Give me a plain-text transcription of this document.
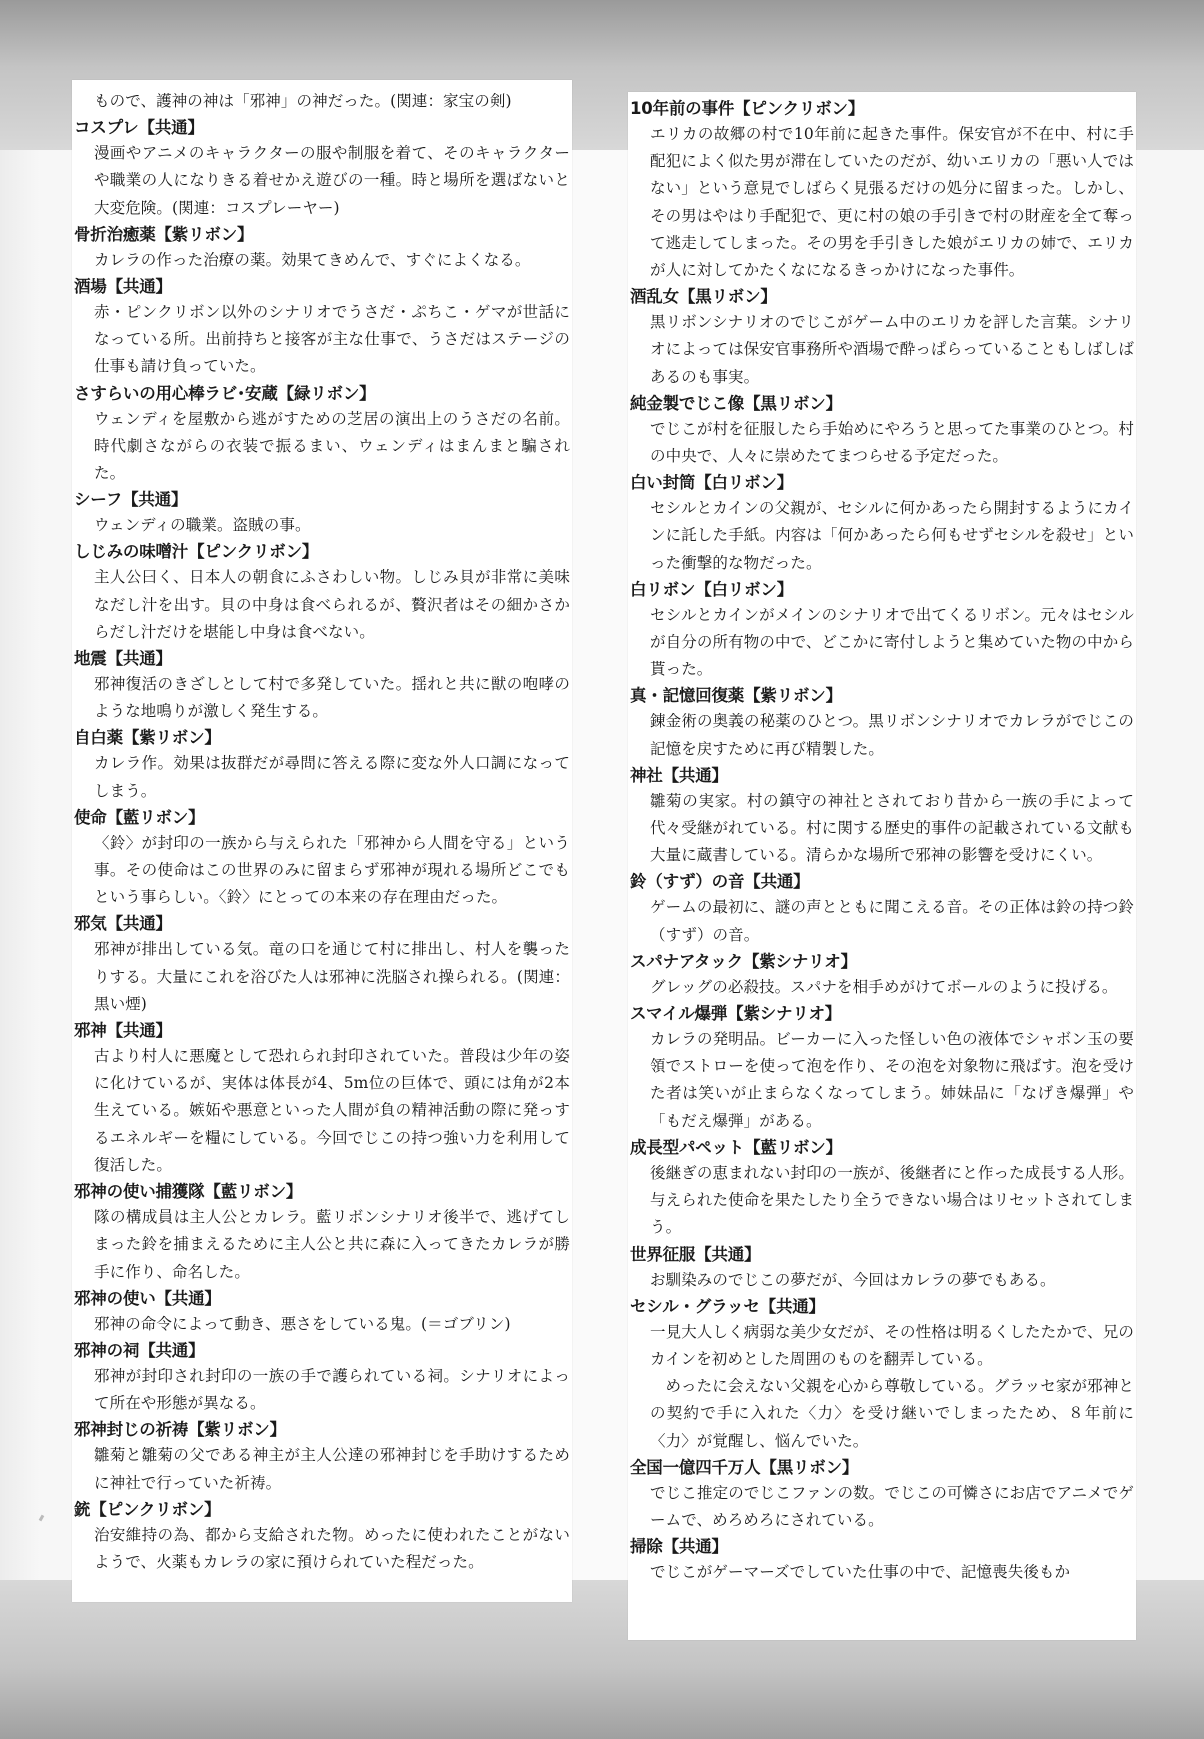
もので、護神の神は「邪神」の神だった。(関連：家宝の剣)
コスプレ【共通】
漫画やアニメのキャラクターの服や制服を着て、そのキャラクターや職業の人になりきる着せかえ遊びの一種。時と場所を選ばないと大変危険。(関連：コスプレーヤー)
骨折治癒薬【紫リボン】
カレラの作った治療の薬。効果てきめんで、すぐによくなる。
酒場【共通】
赤・ピンクリボン以外のシナリオでうさだ・ぷちこ・ゲマが世話になっている所。出前持ちと接客が主な仕事で、うさだはステージの仕事も請け負っていた。
さすらいの用心棒ラビ･安蔵【緑リボン】
ウェンディを屋敷から逃がすための芝居の演出上のうさだの名前。時代劇さながらの衣装で振るまい、ウェンディはまんまと騙された。
シーフ【共通】
ウェンディの職業。盗賊の事。
しじみの味噌汁【ピンクリボン】
主人公曰く、日本人の朝食にふさわしい物。しじみ貝が非常に美味なだし汁を出す。貝の中身は食べられるが、贅沢者はその細かさからだし汁だけを堪能し中身は食べない。
地震【共通】
邪神復活のきざしとして村で多発していた。揺れと共に獣の咆哮のような地鳴りが激しく発生する。
自白薬【紫リボン】
カレラ作。効果は抜群だが尋問に答える際に変な外人口調になってしまう。
使命【藍リボン】
〈鈴〉が封印の一族から与えられた「邪神から人間を守る」という事。その使命はこの世界のみに留まらず邪神が現れる場所どこでもという事らしい。〈鈴〉にとっての本来の存在理由だった。
邪気【共通】
邪神が排出している気。竜の口を通じて村に排出し、村人を襲ったりする。大量にこれを浴びた人は邪神に洗脳され操られる。(関連：黒い煙)
邪神【共通】
古より村人に悪魔として恐れられ封印されていた。普段は少年の姿に化けているが、実体は体長が4、5m位の巨体で、頭には角が2本生えている。嫉妬や悪意といった人間が負の精神活動の際に発っするエネルギーを糧にしている。今回でじこの持つ強い力を利用して復活した。
邪神の使い捕獲隊【藍リボン】
隊の構成員は主人公とカレラ。藍リボンシナリオ後半で、逃げてしまった鈴を捕まえるために主人公と共に森に入ってきたカレラが勝手に作り、命名した。
邪神の使い【共通】
邪神の命令によって動き、悪さをしている鬼。(＝ゴブリン)
邪神の祠【共通】
邪神が封印され封印の一族の手で護られている祠。シナリオによって所在や形態が異なる。
邪神封じの祈祷【紫リボン】
雛菊と雛菊の父である神主が主人公達の邪神封じを手助けするために神社で行っていた祈祷。
銃【ピンクリボン】
治安維持の為、都から支給された物。めったに使われたことがないようで、火薬もカレラの家に預けられていた程だった。
10年前の事件【ピンクリボン】
エリカの故郷の村で10年前に起きた事件。保安官が不在中、村に手配犯によく似た男が滞在していたのだが、幼いエリカの「悪い人ではない」という意見でしばらく見張るだけの処分に留まった。しかし、その男はやはり手配犯で、更に村の娘の手引きで村の財産を全て奪って逃走してしまった。その男を手引きした娘がエリカの姉で、エリカが人に対してかたくなになるきっかけになった事件。
酒乱女【黒リボン】
黒リボンシナリオのでじこがゲーム中のエリカを評した言葉。シナリオによっては保安官事務所や酒場で酔っぱらっていることもしばしばあるのも事実。
純金製でじこ像【黒リボン】
でじこが村を征服したら手始めにやろうと思ってた事業のひとつ。村の中央で、人々に崇めたてまつらせる予定だった。
白い封筒【白リボン】
セシルとカインの父親が、セシルに何かあったら開封するようにカインに託した手紙。内容は「何かあったら何もせずセシルを殺せ」といった衝撃的な物だった。
白リボン【白リボン】
セシルとカインがメインのシナリオで出てくるリボン。元々はセシルが自分の所有物の中で、どこかに寄付しようと集めていた物の中から貰った。
真・記憶回復薬【紫リボン】
錬金術の奥義の秘薬のひとつ。黒リボンシナリオでカレラがでじこの記憶を戻すために再び精製した。
神社【共通】
雛菊の実家。村の鎮守の神社とされており昔から一族の手によって代々受継がれている。村に関する歴史的事件の記載されている文献も大量に蔵書している。清らかな場所で邪神の影響を受けにくい。
鈴（すず）の音【共通】
ゲームの最初に、謎の声とともに聞こえる音。その正体は鈴の持つ鈴（すず）の音。
スパナアタック【紫シナリオ】
グレッグの必殺技。スパナを相手めがけてボールのように投げる。
スマイル爆弾【紫シナリオ】
カレラの発明品。ビーカーに入った怪しい色の液体でシャボン玉の要領でストローを使って泡を作り、その泡を対象物に飛ばす。泡を受けた者は笑いが止まらなくなってしまう。姉妹品に「なげき爆弾」や「もだえ爆弾」がある。
成長型パペット【藍リボン】
後継ぎの恵まれない封印の一族が、後継者にと作った成長する人形。与えられた使命を果たしたり全うできない場合はリセットされてしまう。
世界征服【共通】
お馴染みのでじこの夢だが、今回はカレラの夢でもある。
セシル・グラッセ【共通】
一見大人しく病弱な美少女だが、その性格は明るくしたたかで、兄のカインを初めとした周囲のものを翻弄している。
めったに会えない父親を心から尊敬している。グラッセ家が邪神との契約で手に入れた〈力〉を受け継いでしまったため、８年前に〈力〉が覚醒し、悩んでいた。
全国一億四千万人【黒リボン】
でじこ推定のでじこファンの数。でじこの可憐さにお店でアニメでゲームで、めろめろにされている。
掃除【共通】
でじこがゲーマーズでしていた仕事の中で、記憶喪失後もか
